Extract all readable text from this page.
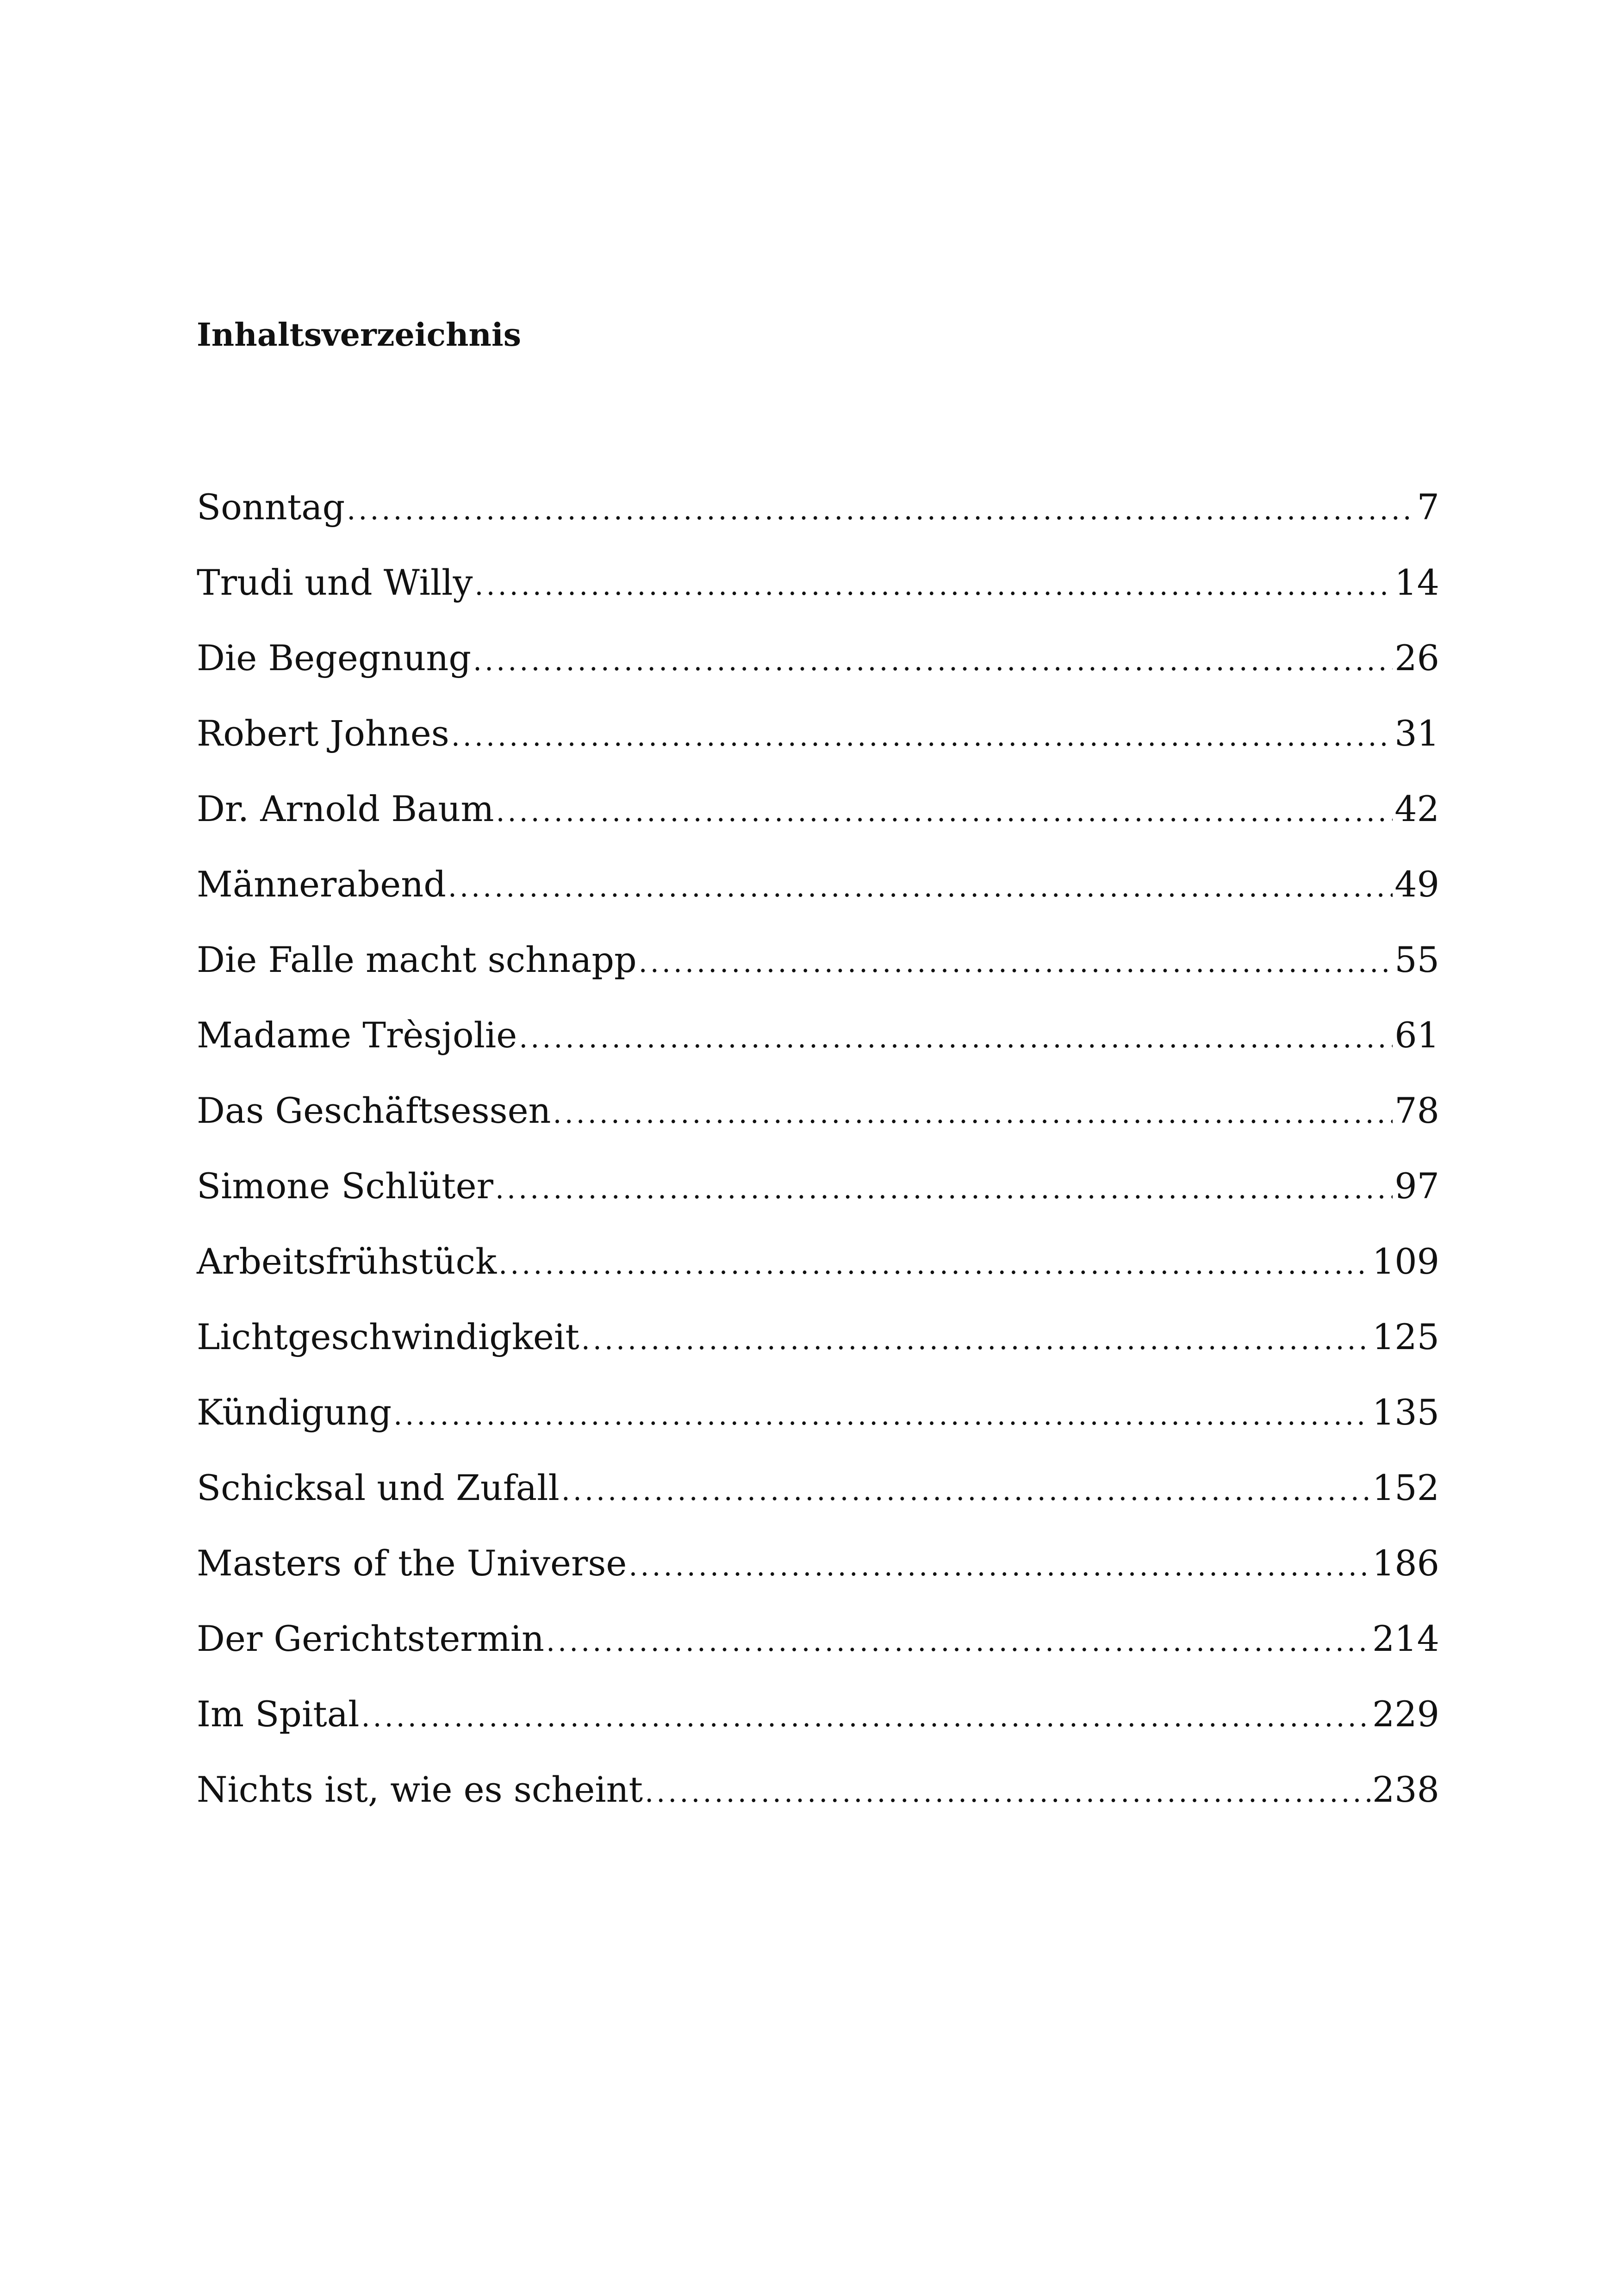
Inhaltsverzeichnis
Sonntag .....	7
Trudi und Willy .....	14
Die Begegnung .....	26
Robert Johnes .....	31
Dr. Arnold Baum .....	42
Männerabend .....	49
Die Falle macht schnapp .....	55
Madame Trèsjolie .....	61
Das Geschäftsessen .....	78
Simone Schlüter .....	97
Arbeitsfrühstück .....	109
Lichtgeschwindigkeit .....	125
Kündigung .....	135
Schicksal und Zufall .....	152
Masters of the Universe .....	186
Der Gerichtstermin .....	214
Im Spital .....	229
Nichts ist, wie es scheint .....	238
